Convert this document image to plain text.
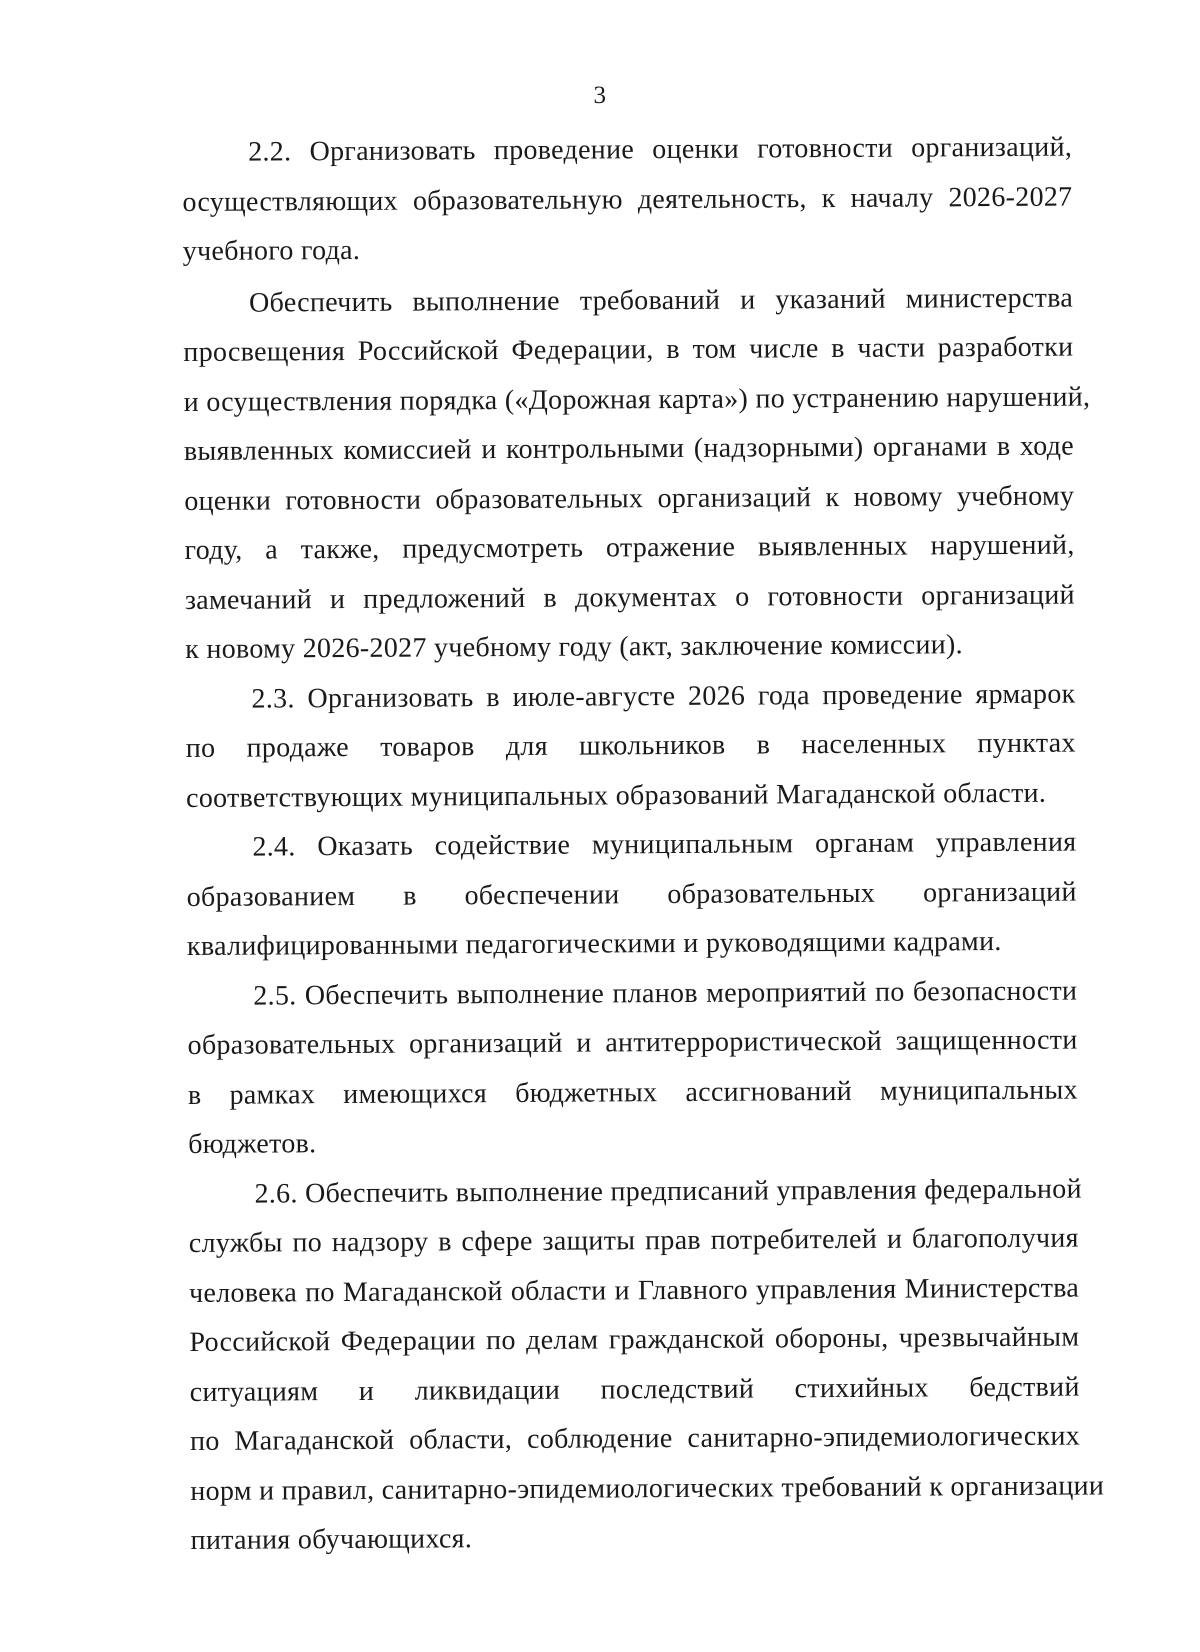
3
2.2. Организовать проведение оценки готовности организаций,
осуществляющих образовательную деятельность, к началу 2026-2027
учебного года.
Обеспечить выполнение требований и указаний министерства
просвещения Российской Федерации, в том числе в части разработки
и осуществления порядка («Дорожная карта») по устранению нарушений,
выявленных комиссией и контрольными (надзорными) органами в ходе
оценки готовности образовательных организаций к новому учебному
году, а также, предусмотреть отражение выявленных нарушений,
замечаний и предложений в документах о готовности организаций
к новому 2026-2027 учебному году (акт, заключение комиссии).
2.3. Организовать в июле-августе 2026 года проведение ярмарок
по продаже товаров для школьников в населенных пунктах
соответствующих муниципальных образований Магаданской области.
2.4. Оказать содействие муниципальным органам управления
образованием в обеспечении образовательных организаций
квалифицированными педагогическими и руководящими кадрами.
2.5. Обеспечить выполнение планов мероприятий по безопасности
образовательных организаций и антитеррористической защищенности
в рамках имеющихся бюджетных ассигнований муниципальных
бюджетов.
2.6. Обеспечить выполнение предписаний управления федеральной
службы по надзору в сфере защиты прав потребителей и благополучия
человека по Магаданской области и Главного управления Министерства
Российской Федерации по делам гражданской обороны, чрезвычайным
ситуациям и ликвидации последствий стихийных бедствий
по Магаданской области, соблюдение санитарно-эпидемиологических
норм и правил, санитарно-эпидемиологических требований к организации
питания обучающихся.
